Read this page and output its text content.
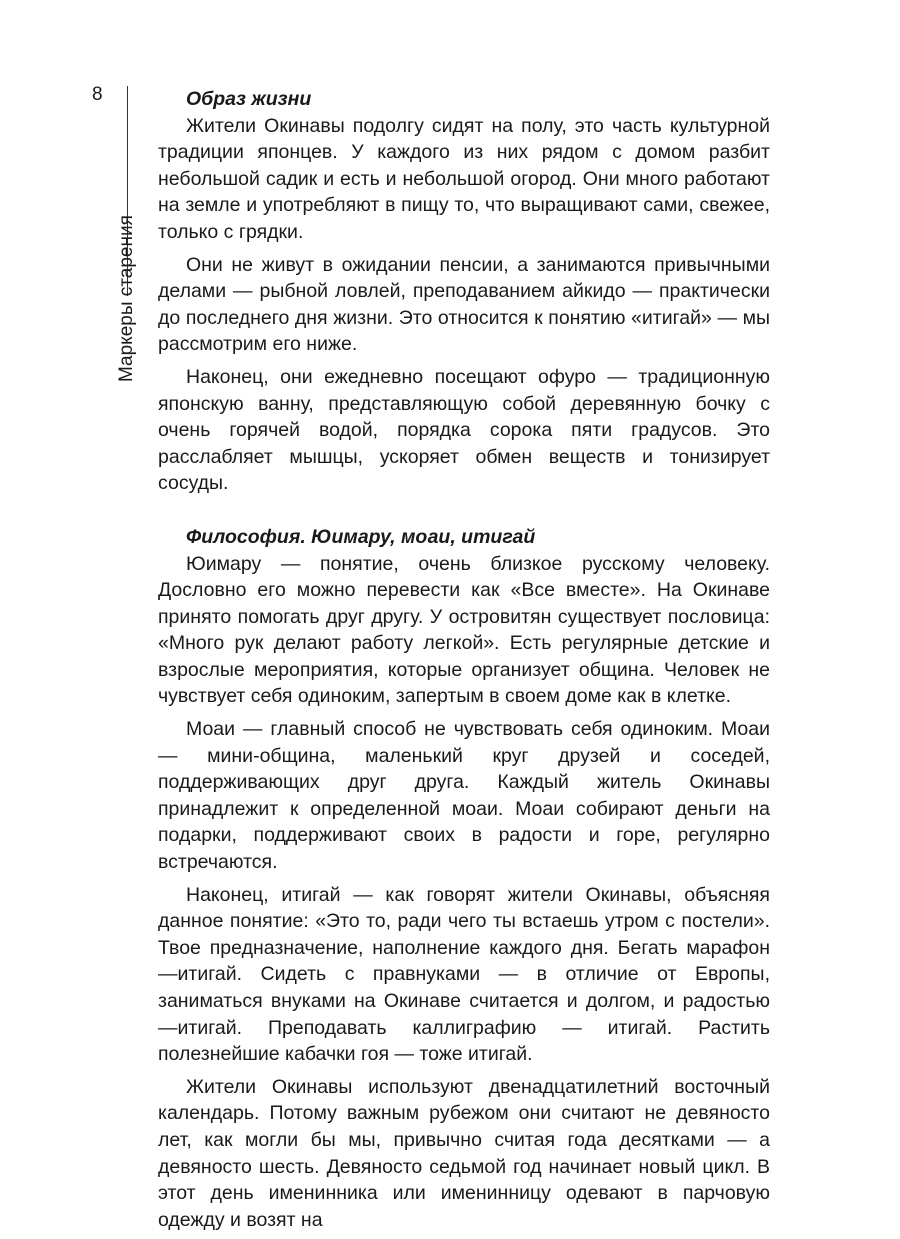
8
Маркеры старения
Образ жизни

Жители Окинавы подолгу сидят на полу, это часть культурной традиции японцев. У каждого из них рядом с домом разбит небольшой садик и есть и небольшой огород. Они много работают на земле и употребляют в пищу то, что выращивают сами, свежее, только с грядки.

Они не живут в ожидании пенсии, а занимаются привычными делами — рыбной ловлей, преподаванием айкидо — практически до последнего дня жизни. Это относится к понятию «итигай» — мы рассмотрим его ниже.

Наконец, они ежедневно посещают офуро — традиционную японскую ванну, представляющую собой деревянную бочку с очень горячей водой, порядка сорока пяти градусов. Это расслабляет мышцы, ускоряет обмен веществ и тонизирует сосуды.

Философия. Юимару, моаи, итигай

Юимару — понятие, очень близкое русскому человеку. Дословно его можно перевести как «Все вместе». На Окинаве принято помогать друг другу. У островитян существует пословица: «Много рук делают работу легкой». Есть регулярные детские и взрослые мероприятия, которые организует община. Человек не чувствует себя одиноким, запертым в своем доме как в клетке.

Моаи — главный способ не чувствовать себя одиноким. Моаи — мини-община, маленький круг друзей и соседей, поддерживающих друг друга. Каждый житель Окинавы принадлежит к определенной моаи. Моаи собирают деньги на подарки, поддерживают своих в радости и горе, регулярно встречаются.

Наконец, итигай — как говорят жители Окинавы, объясняя данное понятие: «Это то, ради чего ты встаешь утром с постели». Твое предназначение, наполнение каждого дня. Бегать марафон —итигай. Сидеть с правнуками — в отличие от Европы, заниматься внуками на Окинаве считается и долгом, и радостью —итигай. Преподавать каллиграфию — итигай. Растить полезнейшие кабачки гоя — тоже итигай.

Жители Окинавы используют двенадцатилетний восточный календарь. Потому важным рубежом они считают не девяносто лет, как могли бы мы, привычно считая года десятками — а девяносто шесть. Девяносто седьмой год начинает новый цикл. В этот день именинника или именинницу одевают в парчовую одежду и возят на
